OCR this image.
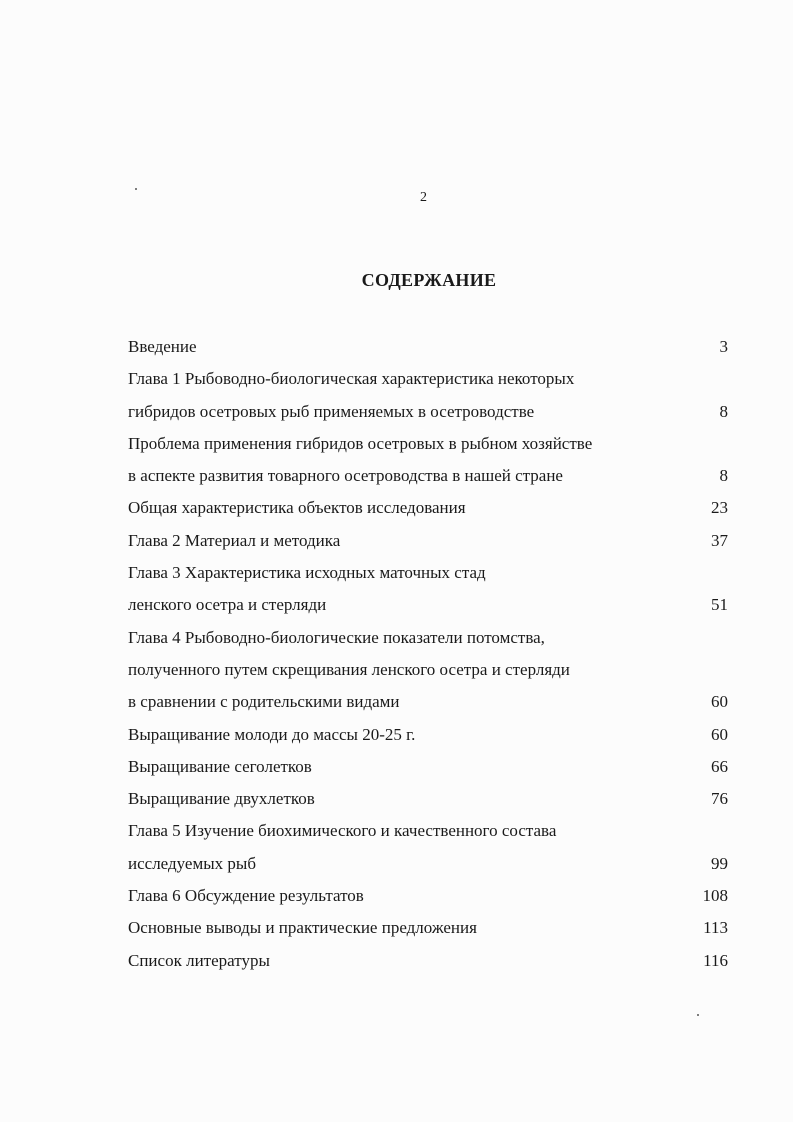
2
СОДЕРЖАНИЕ
Введение	3
Глава 1 Рыбоводно-биологическая характеристика некоторых
гибридов осетровых рыб применяемых в осетроводстве	8
Проблема применения гибридов осетровых в рыбном хозяйстве
в аспекте развития товарного осетроводства в нашей стране	8
Общая характеристика объектов исследования	23
Глава 2 Материал и методика	37
Глава 3 Характеристика исходных маточных стад
ленского осетра и стерляди	51
Глава 4 Рыбоводно-биологические показатели потомства,
полученного путем скрещивания ленского осетра и стерляди
в сравнении с родительскими видами	60
Выращивание молоди до массы 20-25 г.	60
Выращивание сеголетков	66
Выращивание двухлетков	76
Глава 5 Изучение биохимического и качественного состава
исследуемых рыб	99
Глава 6 Обсуждение результатов	108
Основные выводы и практические предложения	113
Список литературы	116
